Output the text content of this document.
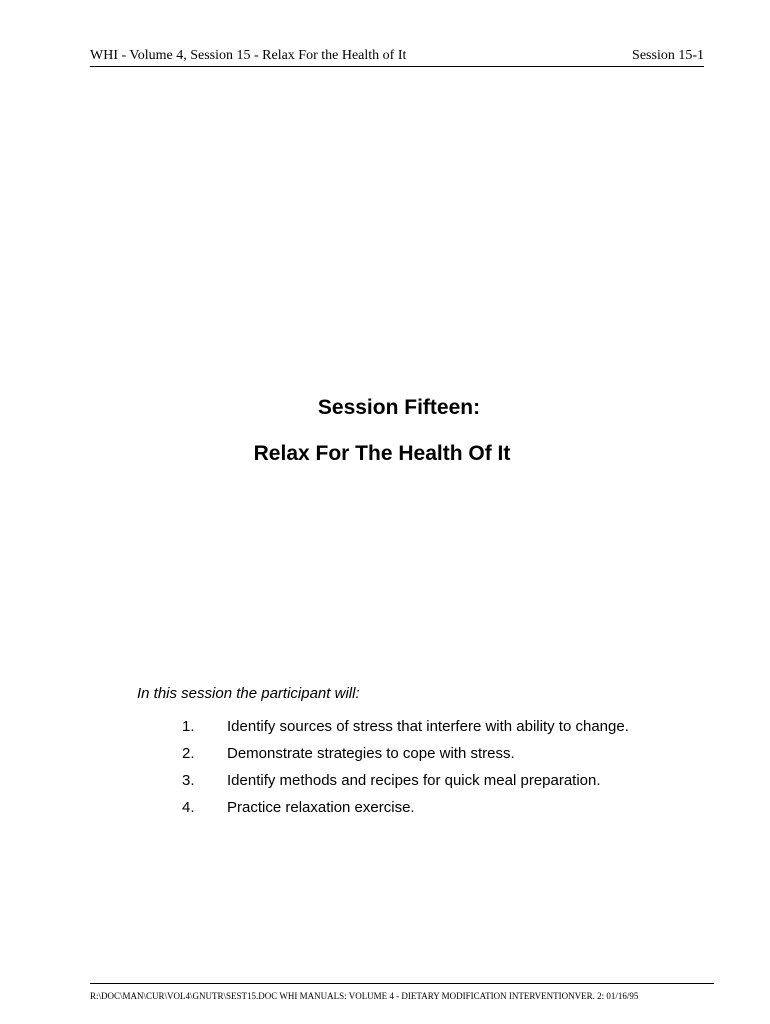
WHI - Volume 4, Session 15 - Relax For the Health of It	Session 15-1
Session Fifteen:
Relax For The Health Of It
In this session the participant will:
1. Identify sources of stress that interfere with ability to change.
2. Demonstrate strategies to cope with stress.
3. Identify methods and recipes for quick meal preparation.
4. Practice relaxation exercise.
R:\DOC\MAN\CUR\VOL4\GNUTR\SEST15.DOC WHI MANUALS: VOLUME 4 - DIETARY MODIFICATION INTERVENTIONVER. 2: 01/16/95
